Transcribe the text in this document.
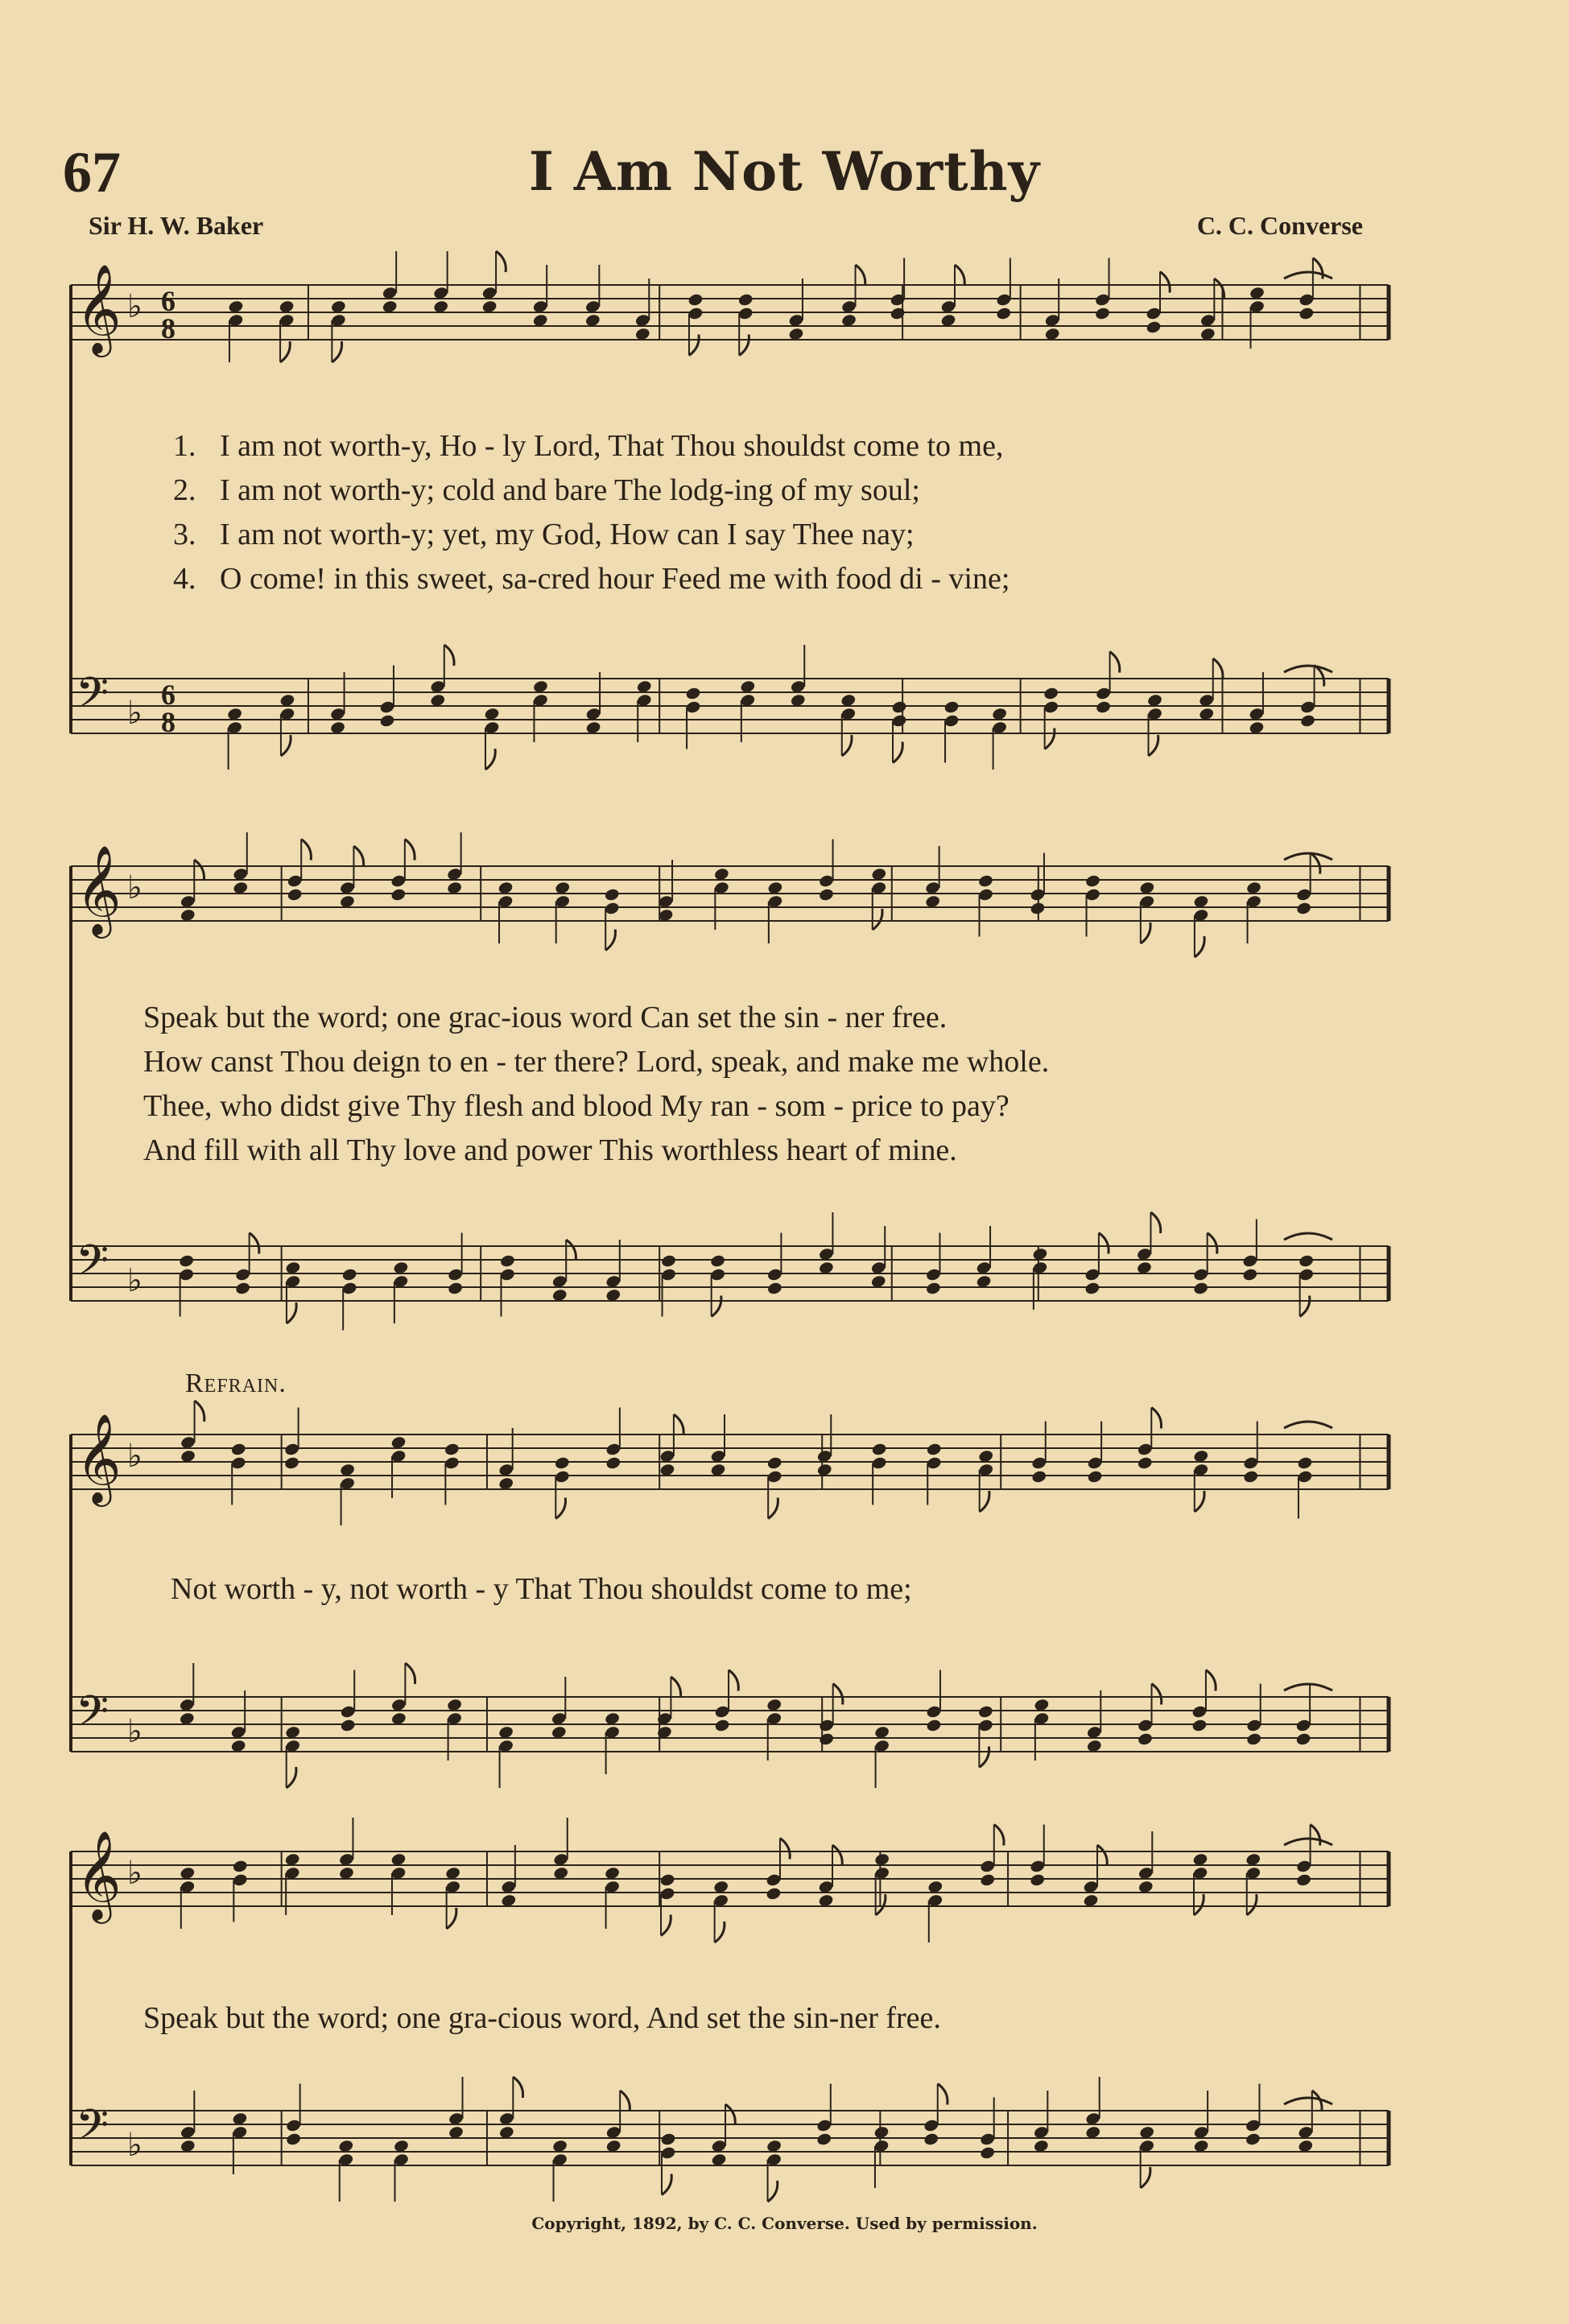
67	I Am Not Worthy
Sir H. W. Baker	C. C. Converse
1. I am not worth-y, Ho - ly Lord, That Thou shouldst come to me,
2. I am not worth-y; cold and bare The lodg-ing of my soul;
3. I am not worth-y; yet, my God, How can I say Thee nay;
4. O come! in this sweet, sa-cred hour Feed me with food di - vine;
Speak but the word; one grac-ious word Can set the sin - ner free.
How canst Thou deign to en - ter there? Lord, speak, and make me whole.
Thee, who didst give Thy flesh and blood My ran - som - price to pay?
And fill with all Thy love and power This worthless heart of mine.
Refrain.
Not worth - y, not worth - y That Thou shouldst come to me;
Speak but the word; one gra-cious word, And set the sin-ner free.
Copyright, 1892, by C. C. Converse. Used by permission.
𝄞 ♭ 6
8
𝄢 ♭ 6
8
𝄞 ♭
𝄢 ♭
𝄞 ♭
𝄢 ♭
𝄞 ♭
𝄢 ♭
